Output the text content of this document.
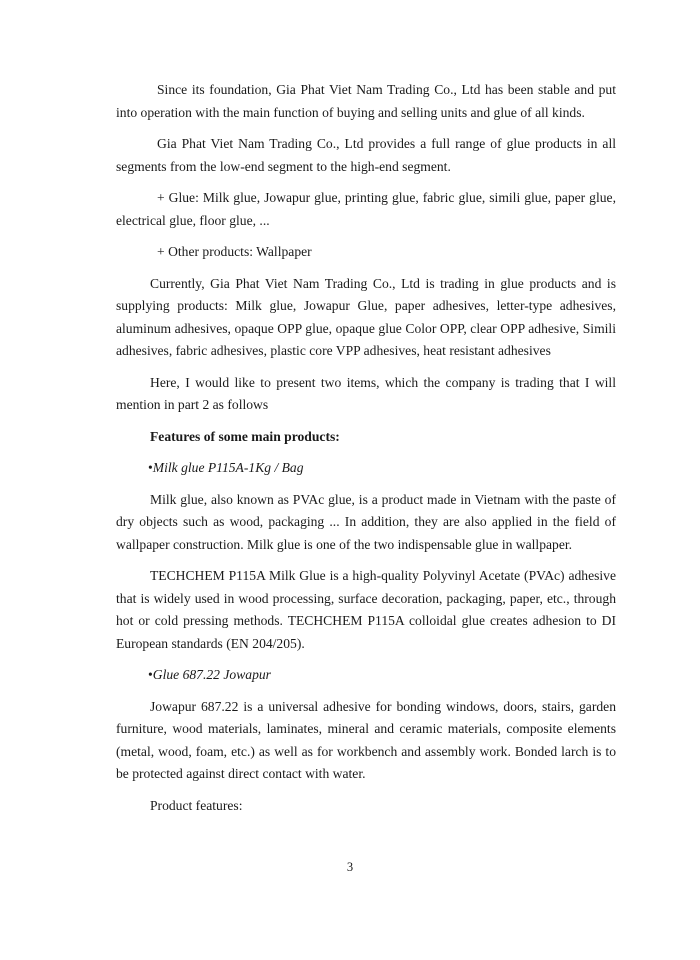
Since its foundation, Gia Phat Viet Nam Trading Co., Ltd has been stable and put into operation with the main function of buying and selling units and glue of all kinds.

Gia Phat Viet Nam Trading Co., Ltd provides a full range of glue products in all segments from the low-end segment to the high-end segment.

+ Glue: Milk glue, Jowapur glue, printing glue, fabric glue, simili glue, paper glue, electrical glue, floor glue, ...

+ Other products: Wallpaper

Currently, Gia Phat Viet Nam Trading Co., Ltd is trading in glue products and is supplying products: Milk glue, Jowapur Glue, paper adhesives, letter-type adhesives, aluminum adhesives, opaque OPP glue, opaque glue Color OPP, clear OPP adhesive, Simili adhesives, fabric adhesives, plastic core VPP adhesives, heat resistant adhesives

Here, I would like to present two items, which the company is trading that I will mention in part 2 as follows

Features of some main products:

•Milk glue P115A-1Kg / Bag

Milk glue, also known as PVAc glue, is a product made in Vietnam with the paste of dry objects such as wood, packaging ... In addition, they are also applied in the field of wallpaper construction. Milk glue is one of the two indispensable glue in wallpaper.

TECHCHEM P115A Milk Glue is a high-quality Polyvinyl Acetate (PVAc) adhesive that is widely used in wood processing, surface decoration, packaging, paper, etc., through hot or cold pressing methods. TECHCHEM P115A colloidal glue creates adhesion to DI European standards (EN 204/205).

•Glue 687.22 Jowapur

Jowapur 687.22 is a universal adhesive for bonding windows, doors, stairs, garden furniture, wood materials, laminates, mineral and ceramic materials, composite elements (metal, wood, foam, etc.) as well as for workbench and assembly work. Bonded larch is to be protected against direct contact with water.

Product features:

3
